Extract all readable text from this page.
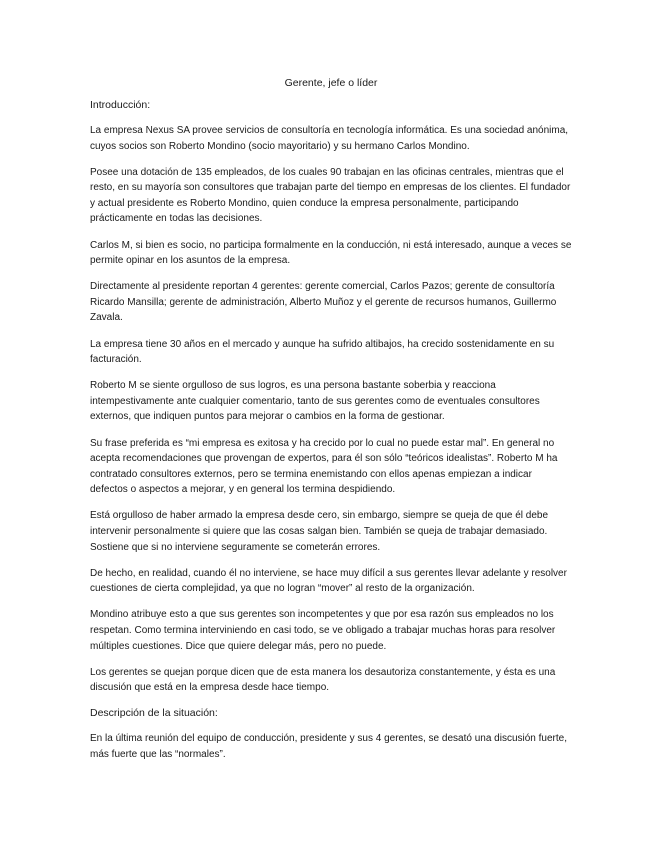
Gerente, jefe o líder
Introducción:
La empresa Nexus SA provee servicios de consultoría en tecnología informática. Es una sociedad anónima, cuyos socios son Roberto Mondino (socio mayoritario) y su hermano Carlos Mondino.
Posee una dotación de 135 empleados, de los cuales 90 trabajan en las oficinas centrales, mientras que el resto, en su mayoría son consultores que trabajan parte del tiempo en empresas de los clientes. El fundador y actual presidente es Roberto Mondino, quien conduce la empresa personalmente, participando prácticamente en todas las decisiones.
Carlos M, si bien es socio, no participa formalmente en la conducción, ni está interesado, aunque a veces se permite opinar en los asuntos de la empresa.
Directamente al presidente reportan 4 gerentes: gerente comercial, Carlos Pazos; gerente de consultoría Ricardo Mansilla; gerente de administración, Alberto Muñoz y el gerente de recursos humanos, Guillermo Zavala.
La empresa tiene 30 años en el mercado y aunque ha sufrido altibajos, ha crecido sostenidamente en su facturación.
Roberto M se siente orgulloso de sus logros, es una persona bastante soberbia y reacciona intempestivamente ante cualquier comentario, tanto de sus gerentes como de eventuales consultores externos, que indiquen puntos para mejorar o cambios en la forma de gestionar.
Su frase preferida es “mi empresa es exitosa y ha crecido por lo cual no puede estar mal”. En general no acepta recomendaciones que provengan de expertos, para él son sólo “teóricos idealistas”. Roberto M ha contratado consultores externos, pero se termina enemistando con ellos apenas empiezan a indicar defectos o aspectos a mejorar, y en general los termina despidiendo.
Está orgulloso de haber armado la empresa desde cero, sin embargo, siempre se queja de que él debe intervenir personalmente si quiere que las cosas salgan bien. También se queja de trabajar demasiado. Sostiene que si no interviene seguramente se cometerán errores.
De hecho, en realidad, cuando él no interviene, se hace muy difícil a sus gerentes llevar adelante y resolver cuestiones de cierta complejidad, ya que no logran “mover” al resto de la organización.
Mondino atribuye esto a que sus gerentes son incompetentes y que por esa razón sus empleados no los respetan. Como termina interviniendo en casi todo, se ve obligado a trabajar muchas horas para resolver múltiples cuestiones. Dice que quiere delegar más, pero no puede.
Los gerentes se quejan porque dicen que de esta manera los desautoriza constantemente, y ésta es una discusión que está en la empresa desde hace tiempo.
Descripción de la situación:
En la última reunión del equipo de conducción, presidente y sus 4 gerentes, se desató una discusión fuerte, más fuerte que las “normales”.
